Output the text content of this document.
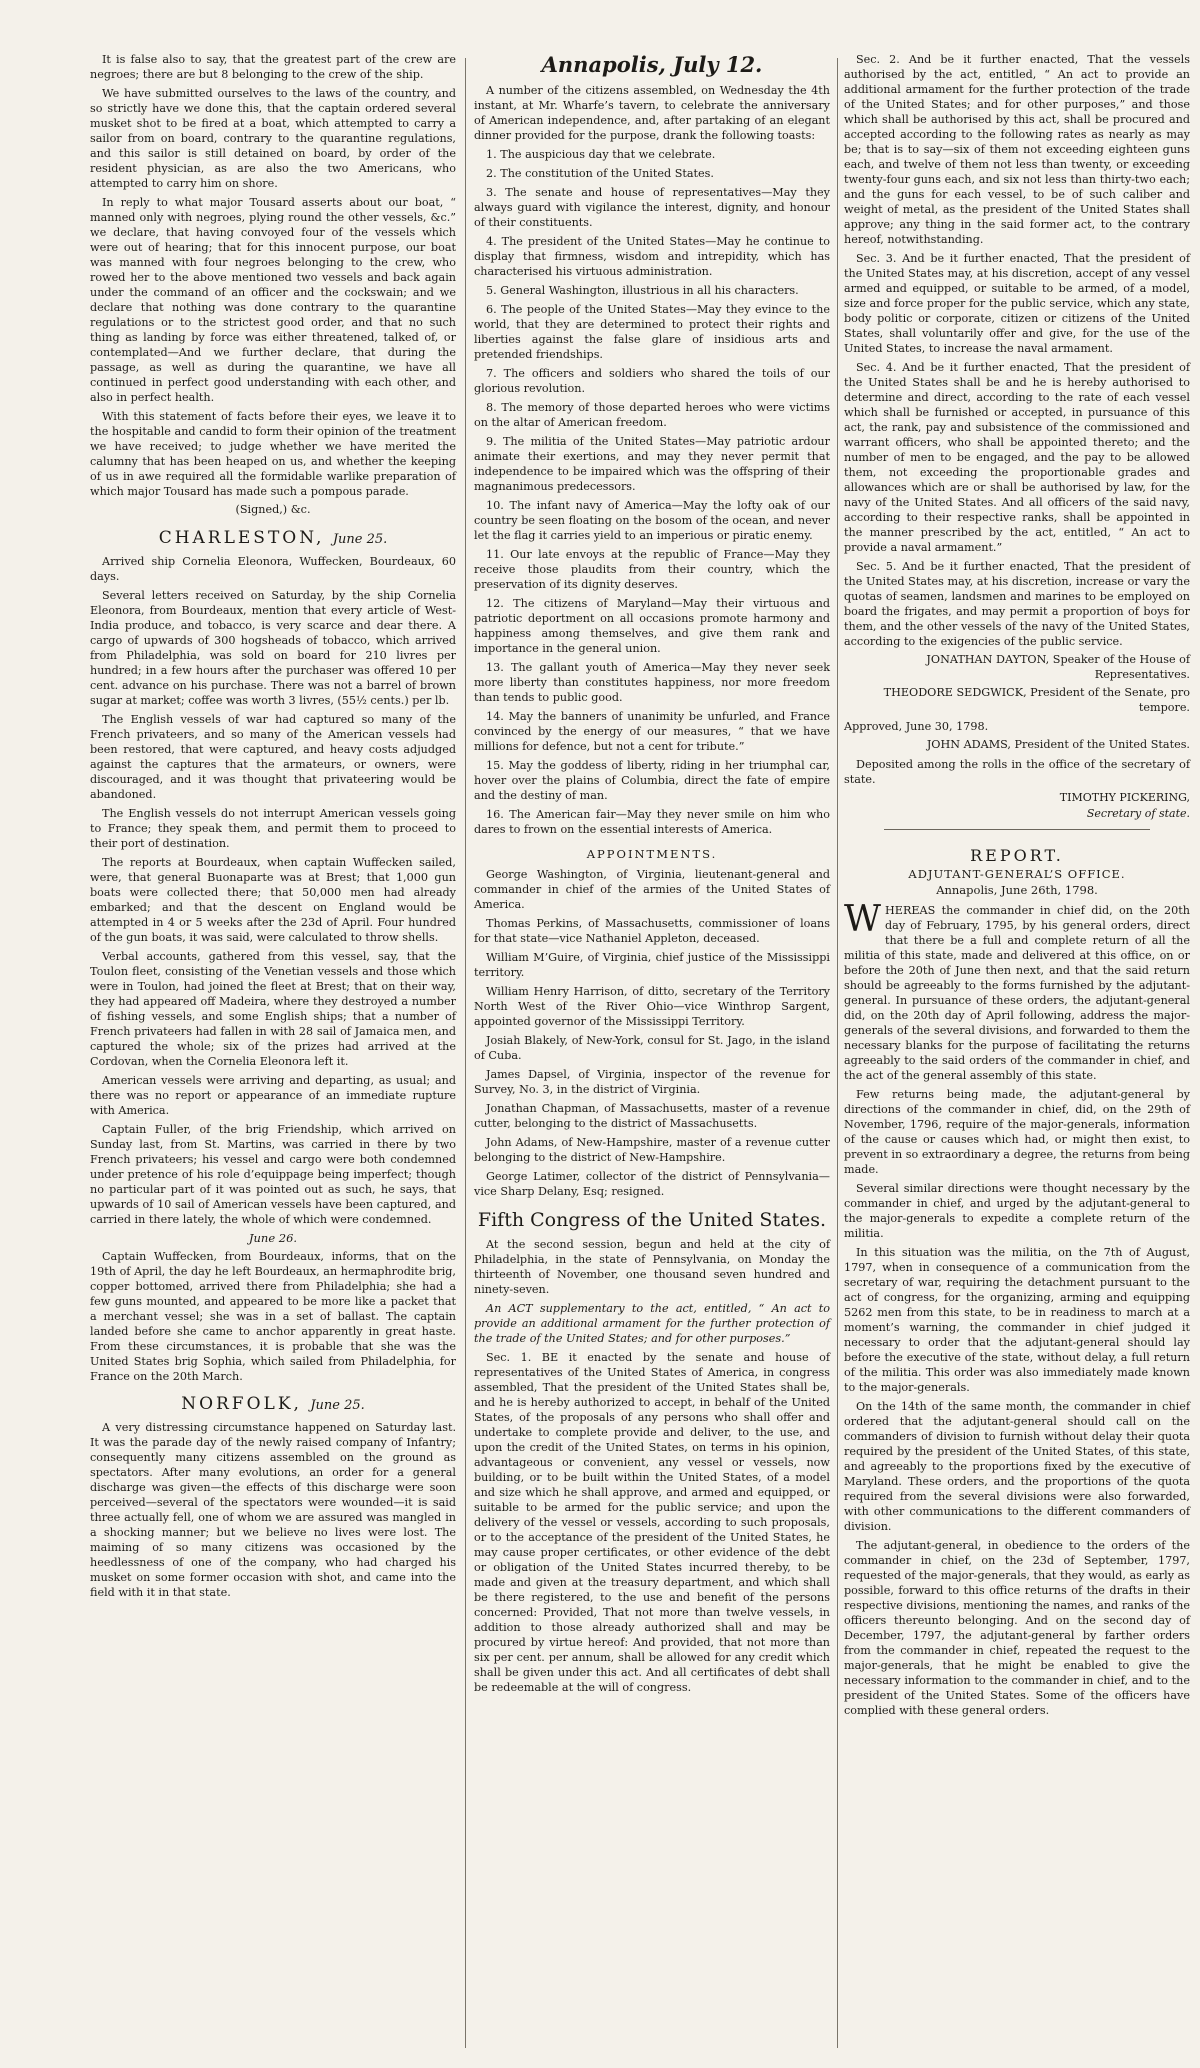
It is false also to say, that the greatest part of the crew are negroes; there are but 8 belonging to the crew of the ship.

We have submitted ourselves to the laws of the country, and so strictly have we done this, that the captain ordered several musket shot to be fired at a boat, which attempted to carry a sailor from on board, contrary to the quarantine regulations, and this sailor is still detained on board, by order of the resident physician, as are also the two Americans, who attempted to carry him on shore.

In reply to what major Tousard asserts about our boat, “ manned only with negroes, plying round the other vessels, &c.” we declare, that having convoyed four of the vessels which were out of hearing; that for this innocent purpose, our boat was manned with four negroes belonging to the crew, who rowed her to the above mentioned two vessels and back again under the command of an officer and the cockswain; and we declare that nothing was done contrary to the quarantine regulations or to the strictest good order, and that no such thing as landing by force was either threatened, talked of, or contemplated—And we further declare, that during the passage, as well as during the quarantine, we have all continued in perfect good understanding with each other, and also in perfect health.

With this statement of facts before their eyes, we leave it to the hospitable and candid to form their opinion of the treatment we have received; to judge whether we have merited the calumny that has been heaped on us, and whether the keeping of us in awe required all the formidable warlike preparation of which major Tousard has made such a pompous parade.

(Signed,) &c.
CHARLESTON, June 25.

Arrived ship Cornelia Eleonora, Wuffecken, Bourdeaux, 60 days.

Several letters received on Saturday, by the ship Cornelia Eleonora, from Bourdeaux, mention that every article of West-India produce, and tobacco, is very scarce and dear there. A cargo of upwards of 300 hogsheads of tobacco, which arrived from Philadelphia, was sold on board for 210 livres per hundred; in a few hours after the purchaser was offered 10 per cent. advance on his purchase. There was not a barrel of brown sugar at market; coffee was worth 3 livres, (55½ cents.) per lb.

The English vessels of war had captured so many of the French privateers, and so many of the American vessels had been restored, that were captured, and heavy costs adjudged against the captures that the armateurs, or owners, were discouraged, and it was thought that privateering would be abandoned.

The English vessels do not interrupt American vessels going to France; they speak them, and permit them to proceed to their port of destination.

The reports at Bourdeaux, when captain Wuffecken sailed, were, that general Buonaparte was at Brest; that 1,000 gun boats were collected there; that 50,000 men had already embarked; and that the descent on England would be attempted in 4 or 5 weeks after the 23d of April. Four hundred of the gun boats, it was said, were calculated to throw shells.

Verbal accounts, gathered from this vessel, say, that the Toulon fleet, consisting of the Venetian vessels and those which were in Toulon, had joined the fleet at Brest; that on their way, they had appeared off Madeira, where they destroyed a number of fishing vessels, and some English ships; that a number of French privateers had fallen in with 28 sail of Jamaica men, and captured the whole; six of the prizes had arrived at the Cordovan, when the Cornelia Eleonora left it.

American vessels were arriving and departing, as usual; and there was no report or appearance of an immediate rupture with America.

Captain Fuller, of the brig Friendship, which arrived on Sunday last, from St. Martins, was carried in there by two French privateers; his vessel and cargo were both condemned under pretence of his role d’equippage being imperfect; though no particular part of it was pointed out as such, he says, that upwards of 10 sail of American vessels have been captured, and carried in there lately, the whole of which were condemned.

June 26.

Captain Wuffecken, from Bourdeaux, informs, that on the 19th of April, the day he left Bourdeaux, an hermaphrodite brig, copper bottomed, arrived there from Philadelphia; she had a few guns mounted, and appeared to be more like a packet that a merchant vessel; she was in a set of ballast. The captain landed before she came to anchor apparently in great haste. From these circumstances, it is probable that she was the United States brig Sophia, which sailed from Philadelphia, for France on the 20th March.

NORFOLK, June 25.

A very distressing circumstance happened on Saturday last. It was the parade day of the newly raised company of Infantry; consequently many citizens assembled on the ground as spectators. After many evolutions, an order for a general discharge was given—the effects of this discharge were soon perceived—several of the spectators were wounded—it is said three actually fell, one of whom we are assured was mangled in a shocking manner; but we believe no lives were lost. The maiming of so many citizens was occasioned by the heedlessness of one of the company, who had charged his musket on some former occasion with shot, and came into the field with it in that state.

Annapolis, July 12.

A number of the citizens assembled, on Wednesday the 4th instant, at Mr. Wharfe’s tavern, to celebrate the anniversary of American independence, and, after partaking of an elegant dinner provided for the purpose, drank the following toasts:

1. The auspicious day that we celebrate.

2. The constitution of the United States.

3. The senate and house of representatives—May they always guard with vigilance the interest, dignity, and honour of their constituents.

4. The president of the United States—May he continue to display that firmness, wisdom and intrepidity, which has characterised his virtuous administration.

5. General Washington, illustrious in all his characters.

6. The people of the United States—May they evince to the world, that they are determined to protect their rights and liberties against the false glare of insidious arts and pretended friendships.

7. The officers and soldiers who shared the toils of our glorious revolution.

8. The memory of those departed heroes who were victims on the altar of American freedom.

9. The militia of the United States—May patriotic ardour animate their exertions, and may they never permit that independence to be impaired which was the offspring of their magnanimous predecessors.

10. The infant navy of America—May the lofty oak of our country be seen floating on the bosom of the ocean, and never let the flag it carries yield to an imperious or piratic enemy.

11. Our late envoys at the republic of France—May they receive those plaudits from their country, which the preservation of its dignity deserves.

12. The citizens of Maryland—May their virtuous and patriotic deportment on all occasions promote harmony and happiness among themselves, and give them rank and importance in the general union.

13. The gallant youth of America—May they never seek more liberty than constitutes happiness, nor more freedom than tends to public good.

14. May the banners of unanimity be unfurled, and France convinced by the energy of our measures, “ that we have millions for defence, but not a cent for tribute.”

15. May the goddess of liberty, riding in her triumphal car, hover over the plains of Columbia, direct the fate of empire and the destiny of man.

16. The American fair—May they never smile on him who dares to frown on the essential interests of America.

APPOINTMENTS.

George Washington, of Virginia, lieutenant-general and commander in chief of the armies of the United States of America.

Thomas Perkins, of Massachusetts, commissioner of loans for that state—vice Nathaniel Appleton, deceased.

William M’Guire, of Virginia, chief justice of the Mississippi territory.

William Henry Harrison, of ditto, secretary of the Territory North West of the River Ohio—vice Winthrop Sargent, appointed governor of the Mississippi Territory.

Josiah Blakely, of New-York, consul for St. Jago, in the island of Cuba.

James Dapsel, of Virginia, inspector of the revenue for Survey, No. 3, in the district of Virginia.

Jonathan Chapman, of Massachusetts, master of a revenue cutter, belonging to the district of Massachusetts.

John Adams, of New-Hampshire, master of a revenue cutter belonging to the district of New-Hampshire.

George Latimer, collector of the district of Pennsylvania—vice Sharp Delany, Esq; resigned.

Fifth Congress of the United States.

At the second session, begun and held at the city of Philadelphia, in the state of Pennsylvania, on Monday the thirteenth of November, one thousand seven hundred and ninety-seven.

An ACT supplementary to the act, entitled, “ An act to provide an additional armament for the further protection of the trade of the United States; and for other purposes.”

Sec. 1. BE it enacted by the senate and house of representatives of the United States of America, in congress assembled, That the president of the United States shall be, and he is hereby authorized to accept, in behalf of the United States, of the proposals of any persons who shall offer and undertake to complete provide and deliver, to the use, and upon the credit of the United States, on terms in his opinion, advantageous or convenient, any vessel or vessels, now building, or to be built within the United States, of a model and size which he shall approve, and armed and equipped, or suitable to be armed for the public service; and upon the delivery of the vessel or vessels, according to such proposals, or to the acceptance of the president of the United States, he may cause proper certificates, or other evidence of the debt or obligation of the United States incurred thereby, to be made and given at the treasury department, and which shall be there registered, to the use and benefit of the persons concerned: Provided, That not more than twelve vessels, in addition to those already authorized shall and may be procured by virtue hereof: And provided, that not more than six per cent. per annum, shall be allowed for any credit which shall be given under this act. And all certificates of debt shall be redeemable at the will of congress.

Sec. 2. And be it further enacted, That the vessels authorised by the act, entitled, “ An act to provide an additional armament for the further protection of the trade of the United States; and for other purposes,” and those which shall be authorised by this act, shall be procured and accepted according to the following rates as nearly as may be; that is to say—six of them not exceeding eighteen guns each, and twelve of them not less than twenty, or exceeding twenty-four guns each, and six not less than thirty-two each; and the guns for each vessel, to be of such caliber and weight of metal, as the president of the United States shall approve; any thing in the said former act, to the contrary hereof, notwithstanding.

Sec. 3. And be it further enacted, That the president of the United States may, at his discretion, accept of any vessel armed and equipped, or suitable to be armed, of a model, size and force proper for the public service, which any state, body politic or corporate, citizen or citizens of the United States, shall voluntarily offer and give, for the use of the United States, to increase the naval armament.

Sec. 4. And be it further enacted, That the president of the United States shall be and he is hereby authorised to determine and direct, according to the rate of each vessel which shall be furnished or accepted, in pursuance of this act, the rank, pay and subsistence of the commissioned and warrant officers, who shall be appointed thereto; and the number of men to be engaged, and the pay to be allowed them, not exceeding the proportionable grades and allowances which are or shall be authorised by law, for the navy of the United States. And all officers of the said navy, according to their respective ranks, shall be appointed in the manner prescribed by the act, entitled, “ An act to provide a naval armament.”

Sec. 5. And be it further enacted, That the president of the United States may, at his discretion, increase or vary the quotas of seamen, landsmen and marines to be employed on board the frigates, and may permit a proportion of boys for them, and the other vessels of the navy of the United States, according to the exigencies of the public service.

JONATHAN DAYTON, Speaker of the House of Representatives.
THEODORE SEDGWICK, President of the Senate, pro tempore.

Approved, June 30, 1798.

JOHN ADAMS, President of the United States.

Deposited among the rolls in the office of the secretary of state.

TIMOTHY PICKERING,
Secretary of state.
REPORT.
ADJUTANT-GENERAL’S OFFICE.
Annapolis, June 26th, 1798.

WHEREAS the commander in chief did, on the 20th day of February, 1795, by his general orders, direct that there be a full and complete return of all the militia of this state, made and delivered at this office, on or before the 20th of June then next, and that the said return should be agreeably to the forms furnished by the adjutant-general. In pursuance of these orders, the adjutant-general did, on the 20th day of April following, address the major-generals of the several divisions, and forwarded to them the necessary blanks for the purpose of facilitating the returns agreeably to the said orders of the commander in chief, and the act of the general assembly of this state.

Few returns being made, the adjutant-general by directions of the commander in chief, did, on the 29th of November, 1796, require of the major-generals, information of the cause or causes which had, or might then exist, to prevent in so extraordinary a degree, the returns from being made.

Several similar directions were thought necessary by the commander in chief, and urged by the adjutant-general to the major-generals to expedite a complete return of the militia.

In this situation was the militia, on the 7th of August, 1797, when in consequence of a communication from the secretary of war, requiring the detachment pursuant to the act of congress, for the organizing, arming and equipping 5262 men from this state, to be in readiness to march at a moment’s warning, the commander in chief judged it necessary to order that the adjutant-general should lay before the executive of the state, without delay, a full return of the militia. This order was also immediately made known to the major-generals.

On the 14th of the same month, the commander in chief ordered that the adjutant-general should call on the commanders of division to furnish without delay their quota required by the president of the United States, of this state, and agreeably to the proportions fixed by the executive of Maryland. These orders, and the proportions of the quota required from the several divisions were also forwarded, with other communications to the different commanders of division.

The adjutant-general, in obedience to the orders of the commander in chief, on the 23d of September, 1797, requested of the major-generals, that they would, as early as possible, forward to this office returns of the drafts in their respective divisions, mentioning the names, and ranks of the officers thereunto belonging. And on the second day of December, 1797, the adjutant-general by farther orders from the commander in chief, repeated the request to the major-generals, that he might be enabled to give the necessary information to the commander in chief, and to the president of the United States. Some of the officers have complied with these general orders.
